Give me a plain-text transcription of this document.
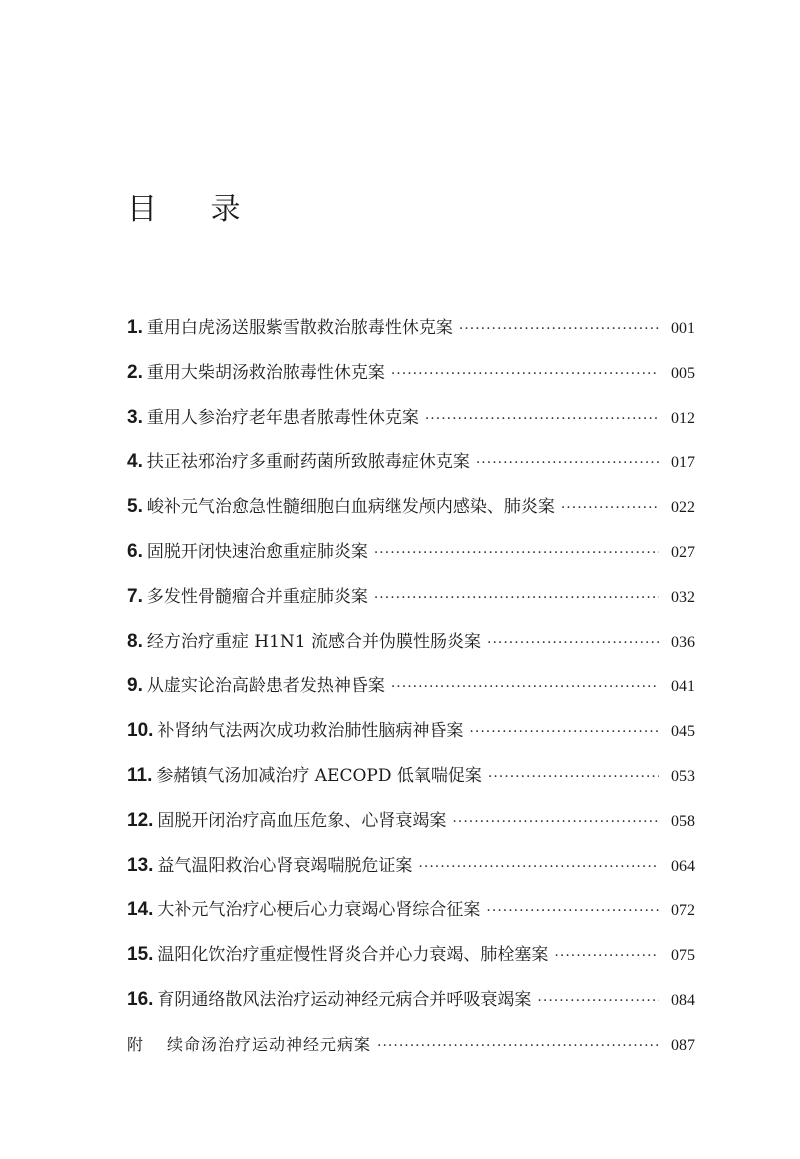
目 录
1. 重用白虎汤送服紫雪散救治脓毒性休克案 ·····	001
2. 重用大柴胡汤救治脓毒性休克案 ·····	005
3. 重用人参治疗老年患者脓毒性休克案 ·····	012
4. 扶正祛邪治疗多重耐药菌所致脓毒症休克案 ·····	017
5. 峻补元气治愈急性髓细胞白血病继发颅内感染、肺炎案 ·····	022
6. 固脱开闭快速治愈重症肺炎案 ·····	027
7. 多发性骨髓瘤合并重症肺炎案 ·····	032
8. 经方治疗重症 H1N1 流感合并伪膜性肠炎案 ·····	036
9. 从虚实论治高龄患者发热神昏案 ·····	041
10. 补肾纳气法两次成功救治肺性脑病神昏案 ·····	045
11. 参赭镇气汤加减治疗 AECOPD 低氧喘促案 ·····	053
12. 固脱开闭治疗高血压危象、心肾衰竭案 ·····	058
13. 益气温阳救治心肾衰竭喘脱危证案 ·····	064
14. 大补元气治疗心梗后心力衰竭心肾综合征案 ·····	072
15. 温阳化饮治疗重症慢性肾炎合并心力衰竭、肺栓塞案 ·····	075
16. 育阴通络散风法治疗运动神经元病合并呼吸衰竭案 ·····	084
附 续命汤治疗运动神经元病案 ·····	087
